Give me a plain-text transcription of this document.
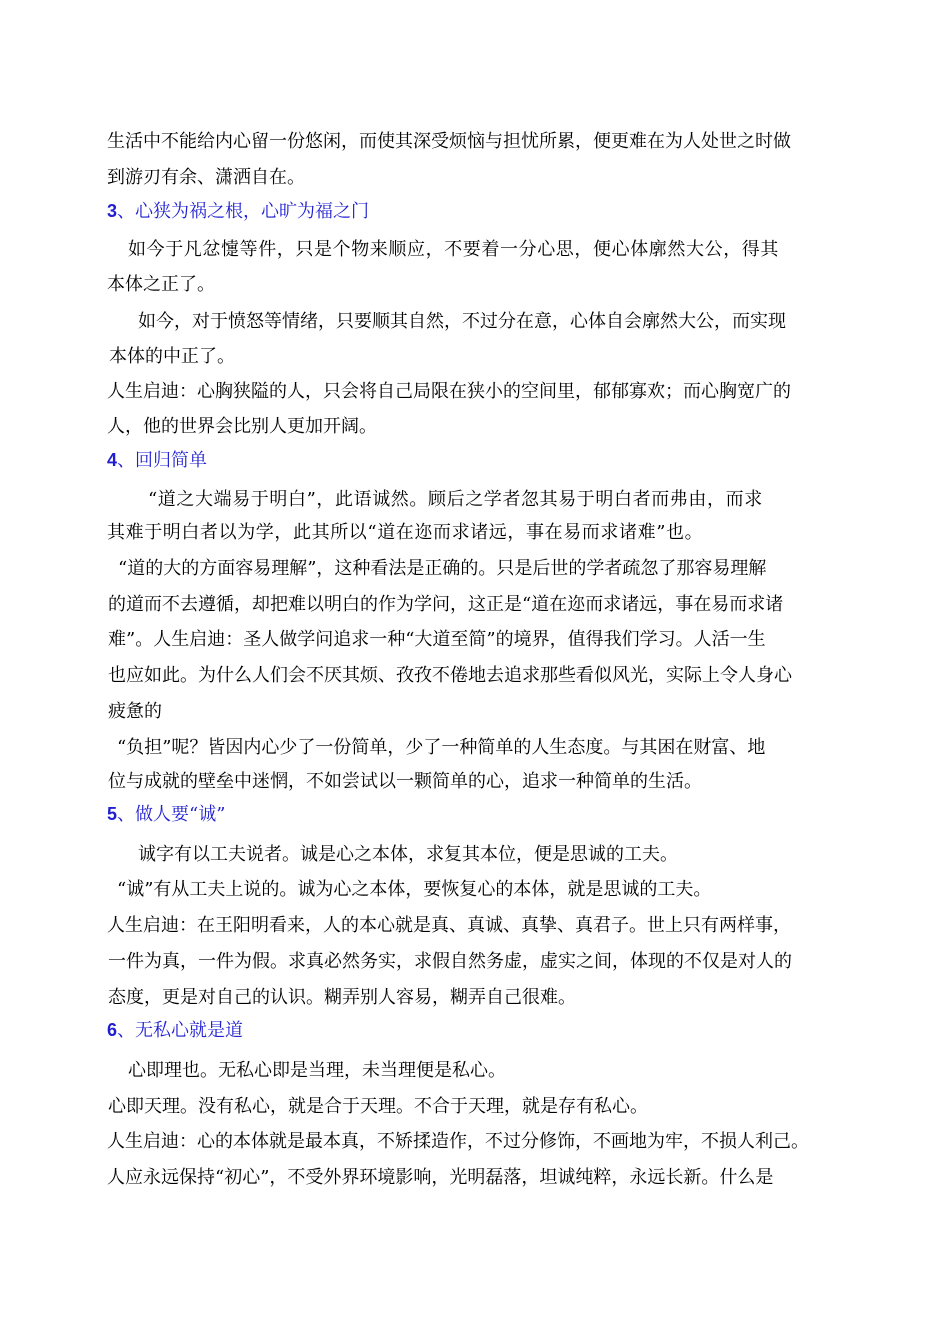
生活中不能给内心留一份悠闲，而使其深受烦恼与担忧所累，便更难在为人处世之时做
到游刃有余、潇洒自在。
3、心狭为祸之根，心旷为福之门
如今于凡忿懥等件，只是个物来顺应，不要着一分心思，便心体廓然大公，得其
本体之正了。
如今，对于愤怒等情绪，只要顺其自然，不过分在意，心体自会廓然大公，而实现
本体的中正了。
人生启迪：心胸狭隘的人，只会将自己局限在狭小的空间里，郁郁寡欢；而心胸宽广的
人，他的世界会比别人更加开阔。
4、回归简单
“道之大端易于明白”，此语诚然。顾后之学者忽其易于明白者而弗由，而求
其难于明白者以为学，此其所以“道在迩而求诸远，事在易而求诸难”也。
“道的大的方面容易理解”，这种看法是正确的。只是后世的学者疏忽了那容易理解
的道而不去遵循，却把难以明白的作为学问，这正是“道在迩而求诸远，事在易而求诸
难”。人生启迪：圣人做学问追求一种“大道至简”的境界，值得我们学习。人活一生
也应如此。为什么人们会不厌其烦、孜孜不倦地去追求那些看似风光，实际上令人身心
疲惫的
“负担”呢？皆因内心少了一份简单，少了一种简单的人生态度。与其困在财富、地
位与成就的壁垒中迷惘，不如尝试以一颗简单的心，追求一种简单的生活。
5、做人要“诚”
诚字有以工夫说者。诚是心之本体，求复其本位，便是思诚的工夫。
“诚”有从工夫上说的。诚为心之本体，要恢复心的本体，就是思诚的工夫。
人生启迪：在王阳明看来，人的本心就是真、真诚、真挚、真君子。世上只有两样事，
一件为真，一件为假。求真必然务实，求假自然务虚，虚实之间，体现的不仅是对人的
态度，更是对自己的认识。糊弄别人容易，糊弄自己很难。
6、无私心就是道
心即理也。无私心即是当理，未当理便是私心。
心即天理。没有私心，就是合于天理。不合于天理，就是存有私心。
人生启迪：心的本体就是最本真，不矫揉造作，不过分修饰，不画地为牢，不损人利己。
人应永远保持“初心”，不受外界环境影响，光明磊落，坦诚纯粹，永远长新。什么是
